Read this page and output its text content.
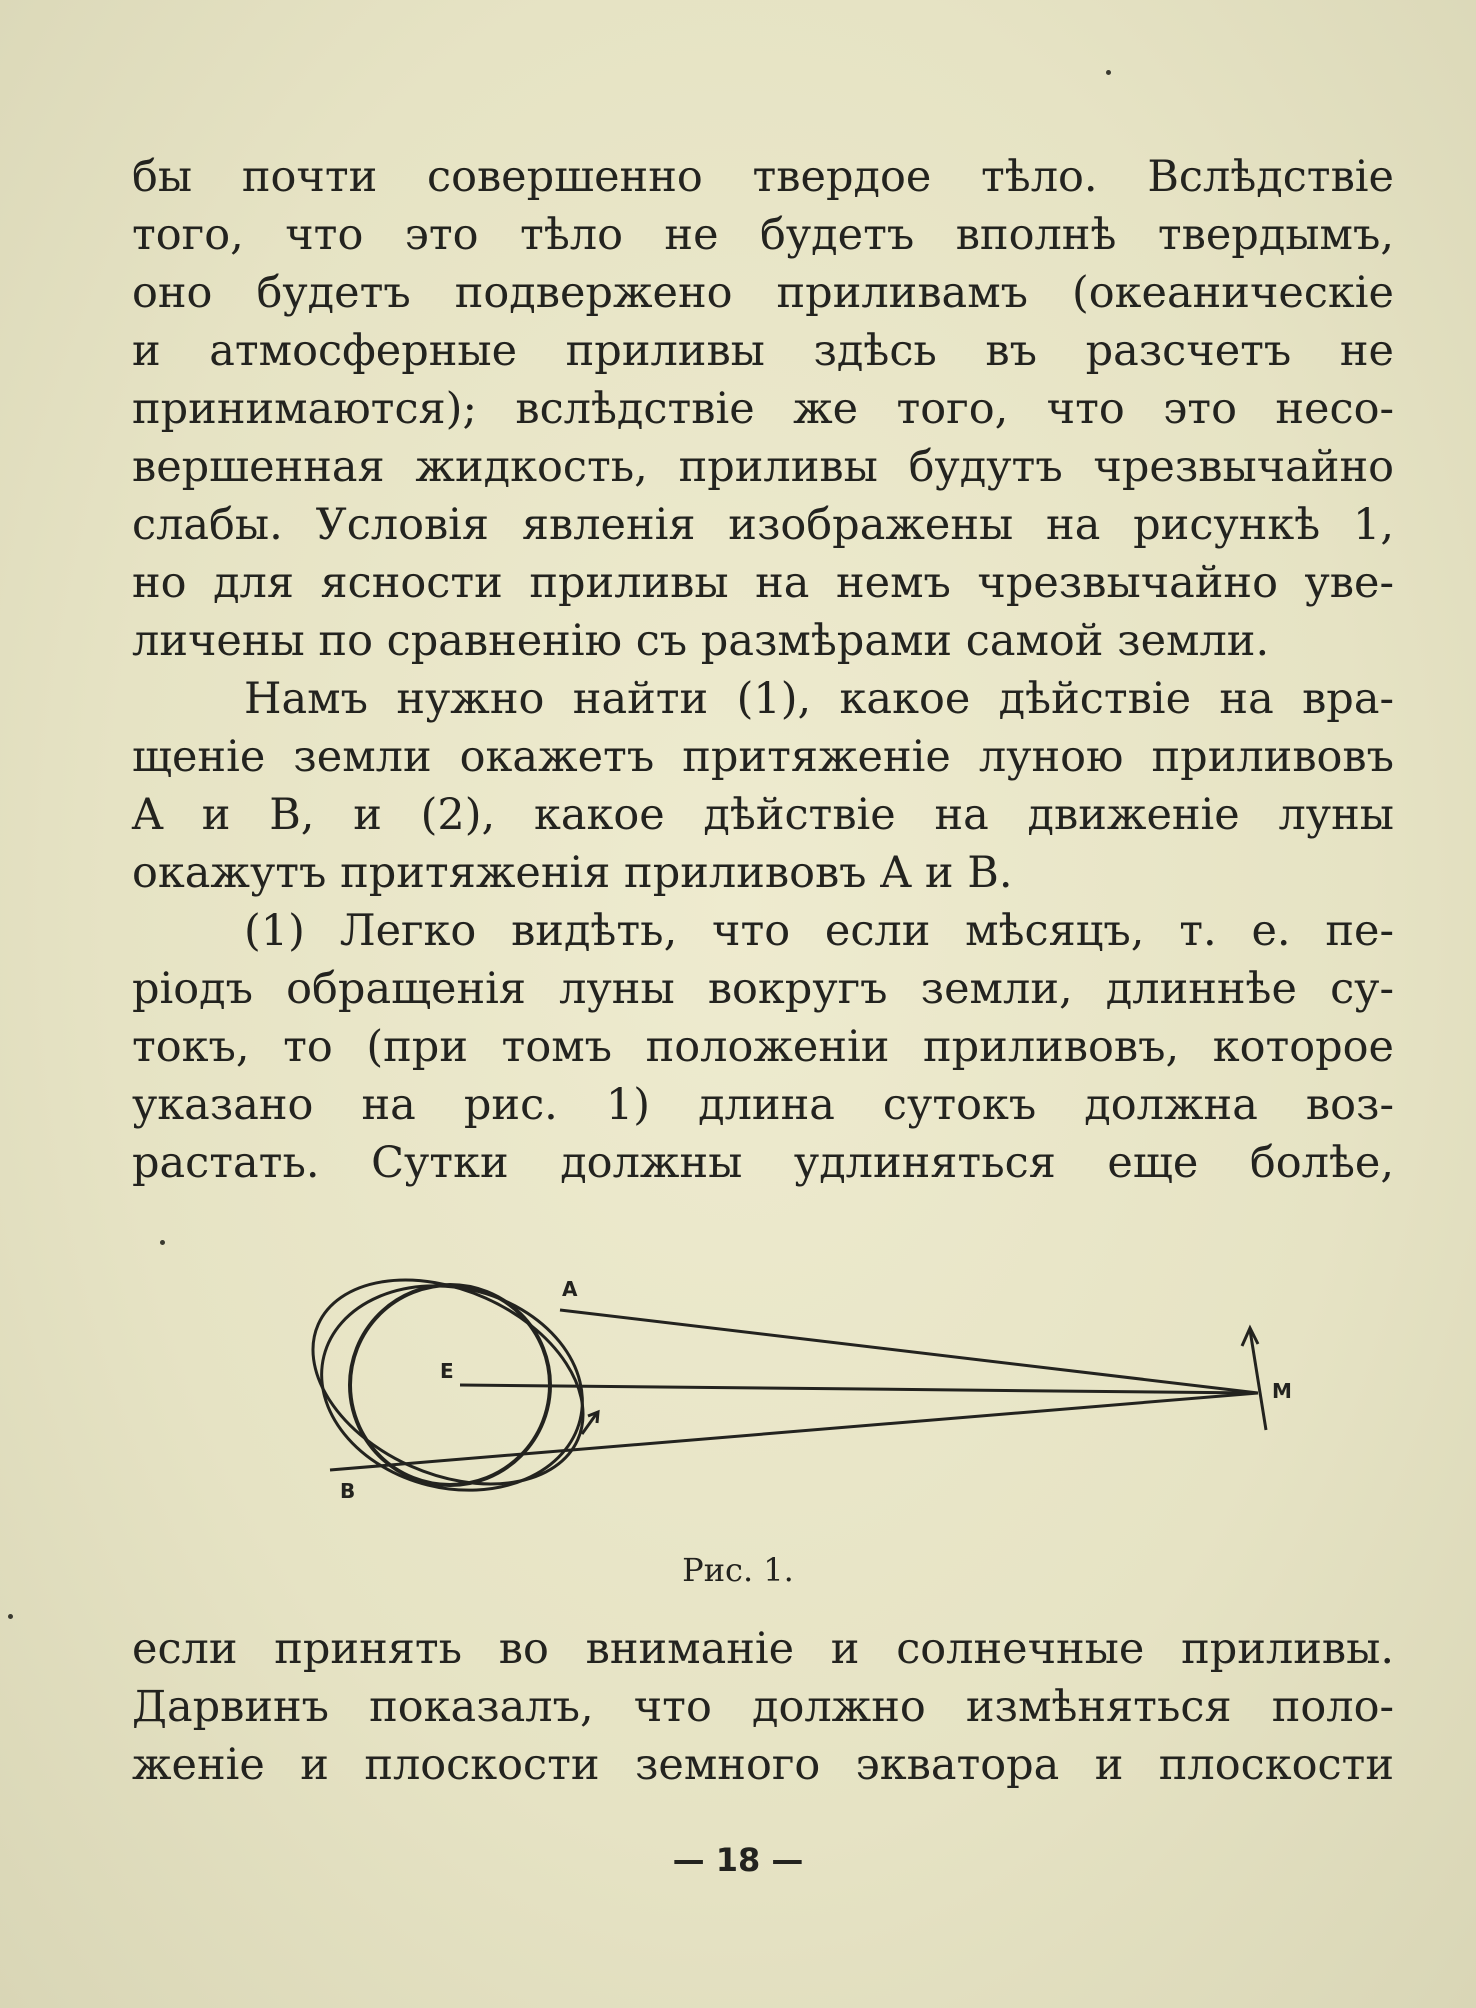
бы почти совершенно твердое тѣло. Вслѣдствіе
того, что это тѣло не будетъ вполнѣ твердымъ,
оно будетъ подвержено приливамъ (океаническіе
и атмосферные приливы здѣсь въ разсчетъ не
принимаются); вслѣдствіе же того, что это несо-
вершенная жидкость, приливы будутъ чрезвычайно
слабы. Условія явленія изображены на рисункѣ 1,
но для ясности приливы на немъ чрезвычайно уве-
личены по сравненію съ размѣрами самой земли.
Намъ нужно найти (1), какое дѣйствіе на вра-
щеніе земли окажетъ притяженіе луною приливовъ
A и B, и (2), какое дѣйствіе на движеніе луны
окажутъ притяженія приливовъ A и B.
(1) Легко видѣть, что если мѣсяцъ, т. е. пе-
ріодъ обращенія луны вокругъ земли, длиннѣе су-
токъ, то (при томъ положеніи приливовъ, которое
указано на рис. 1) длина сутокъ должна воз-
растать. Сутки должны удлиняться еще болѣе,
A
B
E
M
Рис. 1.
если принять во вниманіе и солнечные приливы.
Дарвинъ показалъ, что должно измѣняться поло-
женіе и плоскости земного экватора и плоскости
— 18 —
